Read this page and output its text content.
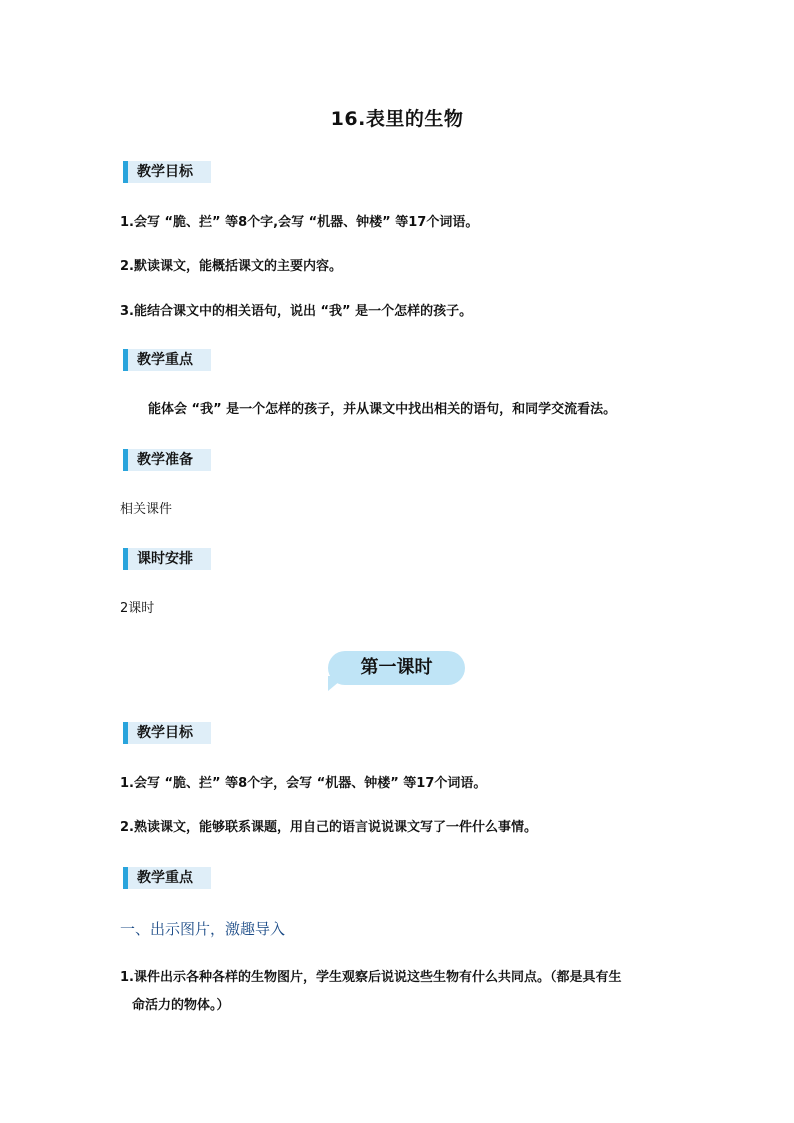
16.表里的生物
教学目标
1.会写 “脆、拦” 等8个字,会写 “机器、钟楼” 等17个词语。
2.默读课文，能概括课文的主要内容。
3.能结合课文中的相关语句，说出 “我” 是一个怎样的孩子。
教学重点
能体会 “我” 是一个怎样的孩子，并从课文中找出相关的语句，和同学交流看法。
教学准备
相关课件
课时安排
2课时
第一课时
教学目标
1.会写 “脆、拦” 等8个字，会写 “机器、钟楼” 等17个词语。
2.熟读课文，能够联系课题，用自己的语言说说课文写了一件什么事情。
教学重点
一、出示图片，激趣导入
1.课件出示各种各样的生物图片，学生观察后说说这些生物有什么共同点。（都是具有生
命活力的物体。）
